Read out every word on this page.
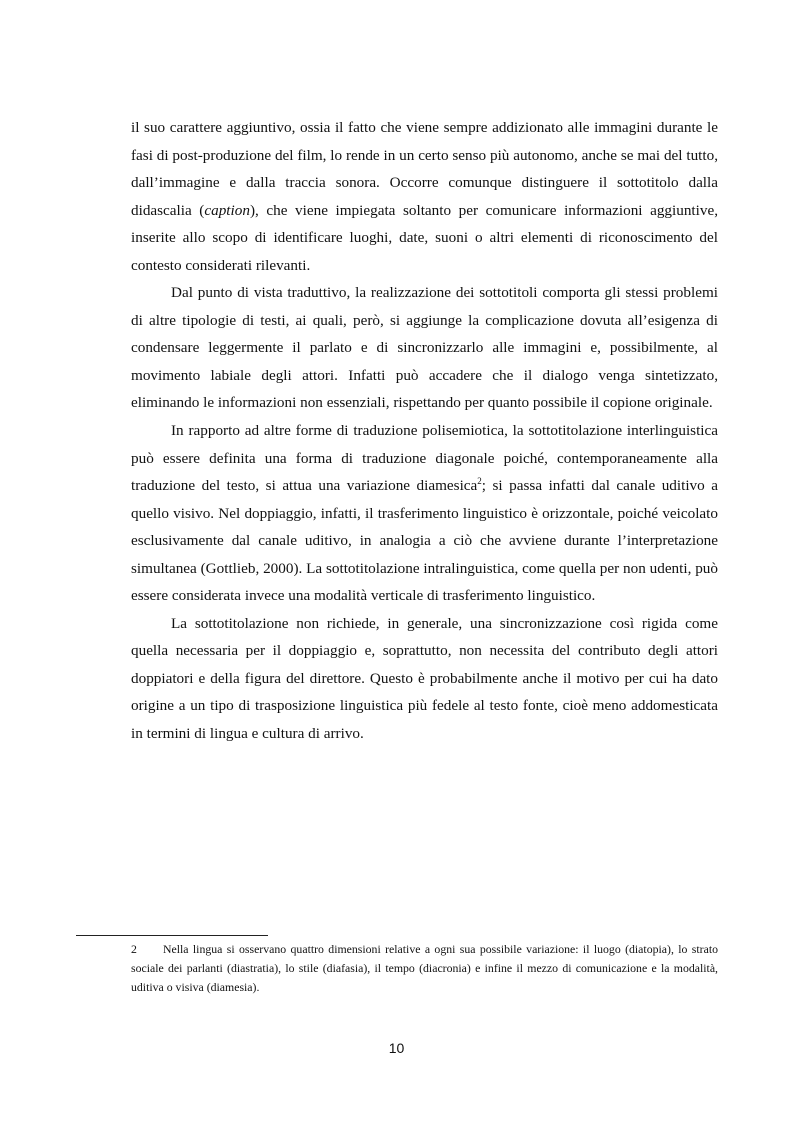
il suo carattere aggiuntivo, ossia il fatto che viene sempre addizionato alle immagini durante le fasi di post-produzione del film, lo rende in un certo senso più autonomo, anche se mai del tutto, dall’immagine e dalla traccia sonora. Occorre comunque distinguere il sottotitolo dalla didascalia (caption), che viene impiegata soltanto per comunicare informazioni aggiuntive, inserite allo scopo di identificare luoghi, date, suoni o altri elementi di riconoscimento del contesto considerati rilevanti.

Dal punto di vista traduttivo, la realizzazione dei sottotitoli comporta gli stessi problemi di altre tipologie di testi, ai quali, però, si aggiunge la complicazione dovuta all’esigenza di condensare leggermente il parlato e di sincronizzarlo alle immagini e, possibilmente, al movimento labiale degli attori. Infatti può accadere che il dialogo venga sintetizzato, eliminando le informazioni non essenziali, rispettando per quanto possibile il copione originale.

In rapporto ad altre forme di traduzione polisemiotica, la sottotitolazione interlinguistica può essere definita una forma di traduzione diagonale poiché, contemporaneamente alla traduzione del testo, si attua una variazione diamesica$^2$; si passa infatti dal canale uditivo a quello visivo. Nel doppiaggio, infatti, il trasferimento linguistico è orizzontale, poiché veicolato esclusivamente dal canale uditivo, in analogia a ciò che avviene durante l’interpretazione simultanea (Gottlieb, 2000). La sottotitolazione intralinguistica, come quella per non udenti, può essere considerata invece una modalità verticale di trasferimento linguistico.

La sottotitolazione non richiede, in generale, una sincronizzazione così rigida come quella necessaria per il doppiaggio e, soprattutto, non necessita del contributo degli attori doppiatori e della figura del direttore. Questo è probabilmente anche il motivo per cui ha dato origine a un tipo di trasposizione linguistica più fedele al testo fonte, cioè meno addomesticata in termini di lingua e cultura di arrivo.

2 Nella lingua si osservano quattro dimensioni relative a ogni sua possibile variazione: il luogo (diatopia), lo strato sociale dei parlanti (diastratia), lo stile (diafasia), il tempo (diacronia) e infine il mezzo di comunicazione e la modalità, uditiva o visiva (diamesia).
10
